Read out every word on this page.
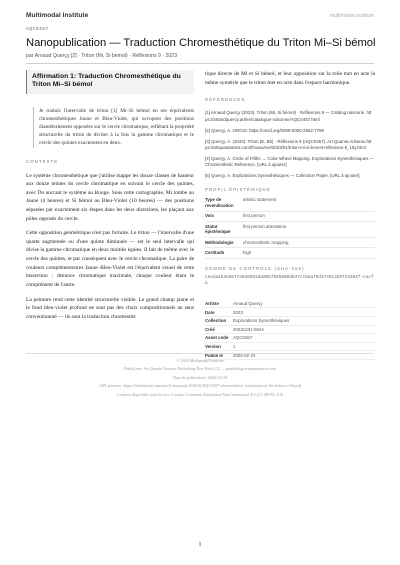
Multimodal Institute	multimodal.institute
AQC0457
Nanopublication — Traduction Chromesthétique du Triton Mi–Si bémol
par Arnaud Querçy [2] · Triton (Mi, Si bémol) · Réflexions 9 · 2023
Affirmation 1: Traduction Chromesthétique du Triton Mi–Si bémol
Je traduis l'intervalle de triton [1] Mi–Si bémol en ses équivalents chromesthétiques Jaune et Bleu-Violet, qui occupent des positions diamétralement opposées sur le cercle chromatique, reflétant la propriété structurelle du triton de diviser à la fois la gamme chromatique et le cercle des quintes exactement en deux.
CONTEXTE

Le système chromesthétique que j'utilise mappe les douze classes de hauteur aux douze teintes du cercle chromatique en suivant le cercle des quintes, avec Do ancrant le système au Rouge. Sous cette cartographie, Mi tombe au Jaune (4 heures) et Si bémol au Bleu-Violet (10 heures) — des positions séparées par exactement six étapes dans les deux directions, les plaçant aux pôles opposés du cercle.

Cette opposition géométrique n'est pas fortuite. Le triton — l'intervalle d'une quarte augmentée ou d'une quinte diminuée — est le seul intervalle qui divise la gamme chromatique en deux moitiés égales. Il fait de même avec le cercle des quintes, et par conséquent avec le cercle chromatique. La paire de couleurs complémentaires Jaune–Bleu-Violet est l'équivalent visuel de cette bissection : distance chromatique maximale, chaque couleur étant le complément de l'autre.

La peinture rend cette identité structurelle visible. Le grand champ jaune et le fond bleu-violet profond ne sont pas des choix compositionnels au sens conventionnel — ils sont la traduction chromesthé

tique directe de Mi et Si bémol, et leur opposition sur la toile met en acte la même symétrie que le triton met en acte dans l'espace harmonique.

RÉFÉRENCES
[1] Arnaud Querçy (2023). Triton (Mi, Si bémol) · Réflexions 9 — Catalog raisonné. htt ps://artandquercy.art/en/catalogue-raisonne/AQC0457.html
[2] Querçy, A. ORCID: https://orcid.org/0009-0000-2662-7790
[3] Querçy, A. (2023). Triton (E, Bb) · Réflexions 9 (AQC0457). Art Quanta Artiseus.htt ps://artquantamira.com/fr/oeuvres/2023/01/triton-mi-si-bemol-reflexions-9_15y.html
[4] Querçy, A. Circle of Fifths → Color Wheel Mapping. Explorations Synesthésiques — Chromesthetic Reference. [URL à ajouter]
[5] Querçy, A. Explorations Synesthésiques — Collection Paper. [URL à ajouter]
PROFIL ÉPISTÉMIQUE
Type de revendication	artistic statement
Voix	first person
Statut épistémique	first person attestation
Méthodologie	chromesthetic mapping
Certitude	high
SOMME DE CONTRÔLE (SHA-256)
ceeda153e8b77a5a6b03da96b7b65809d637cc9aa79d37e81320723384f-cecfa
Artiste	Arnaud Querçy
Date	2023
Collection	Explorations Synesthésiques
Créé	20231231-0644
Asset code	AQC0457
Version	1
Publié le	2026-02-24
© 2026 Multimodal Institute
Publié par: Art Quanta Artiseus Publishing New York LLC — publishing.artquantamira.com
Date de publication: 2026-02-24
URL pérenne: https://multimodal.institute/fr/nanopub/2026/02/AQC0457-chromesthetic-translation-of-the-tritone-e-bb.pdf
Contenu disponible sous licence Creative Commons Attribution-NonCommercial 4.0 (CC BY-NC 4.0)
1
